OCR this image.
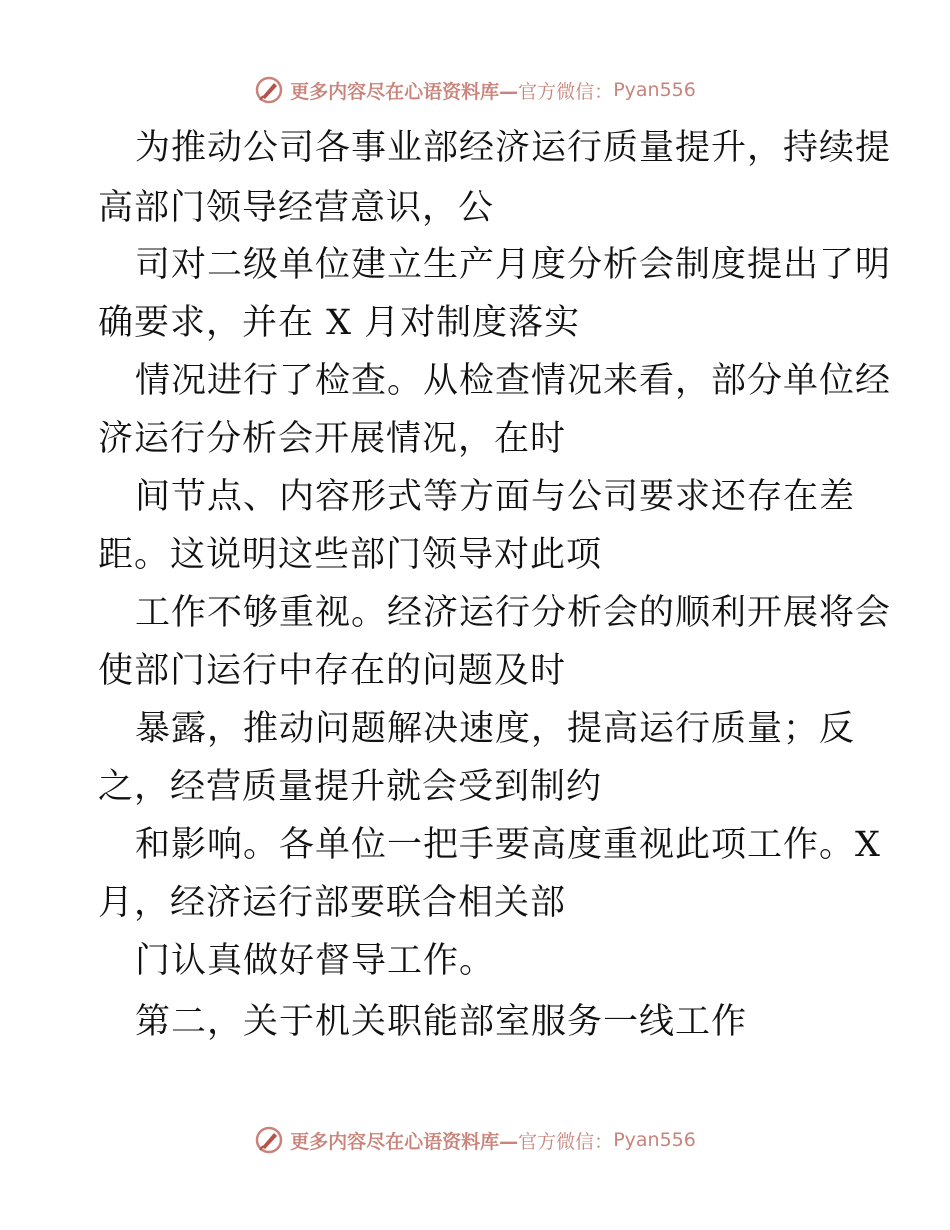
更多内容尽在心语资料库— 官方微信： Pyan556
为推动公司各事业部经济运行质量提升，持续提
高部门领导经营意识，公
司对二级单位建立生产月度分析会制度提出了明
确要求，并在 X 月对制度落实
情况进行了检查。从检查情况来看，部分单位经
济运行分析会开展情况，在时
间节点、内容形式等方面与公司要求还存在差
距。这说明这些部门领导对此项
工作不够重视。经济运行分析会的顺利开展将会
使部门运行中存在的问题及时
暴露，推动问题解决速度，提高运行质量；反
之，经营质量提升就会受到制约
和影响。各单位一把手要高度重视此项工作。X
月，经济运行部要联合相关部
门认真做好督导工作。
第二，关于机关职能部室服务一线工作
更多内容尽在心语资料库— 官方微信： Pyan556
